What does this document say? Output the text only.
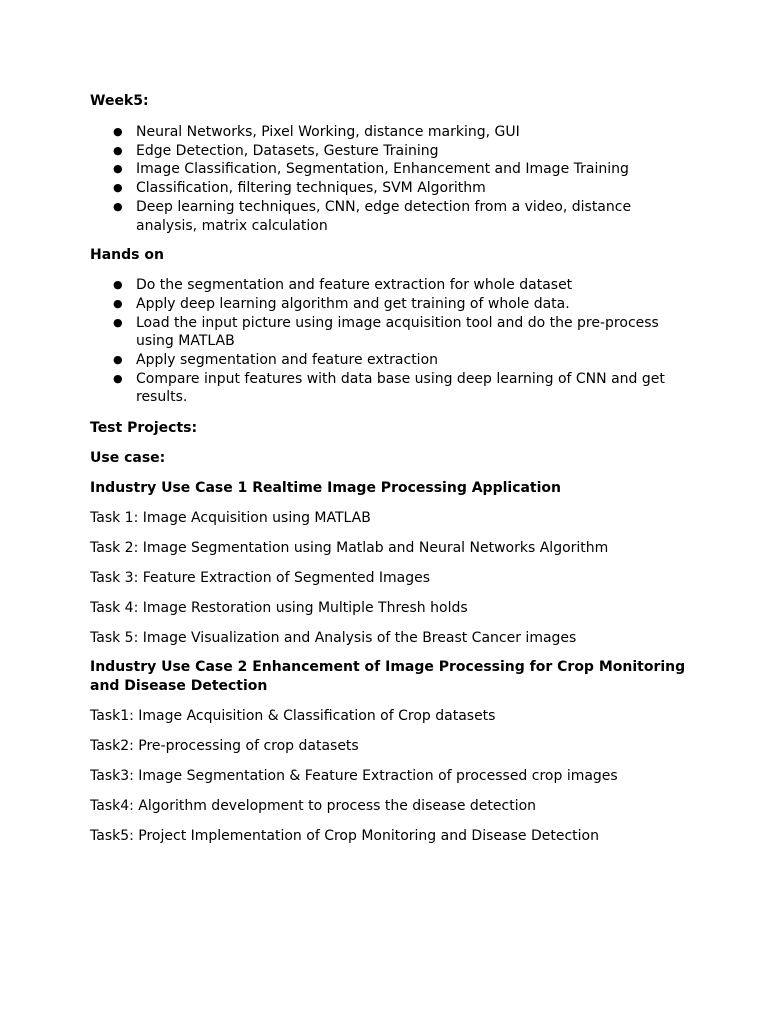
Week5:

● Neural Networks, Pixel Working, distance marking, GUI
● Edge Detection, Datasets, Gesture Training
● Image Classification, Segmentation, Enhancement and Image Training
● Classification, filtering techniques, SVM Algorithm
● Deep learning techniques, CNN, edge detection from a video, distance analysis, matrix calculation

Hands on

● Do the segmentation and feature extraction for whole dataset
● Apply deep learning algorithm and get training of whole data.
● Load the input picture using image acquisition tool and do the pre-process using MATLAB
● Apply segmentation and feature extraction
● Compare input features with data base using deep learning of CNN and get results.

Test Projects:

Use case:

Industry Use Case 1 Realtime Image Processing Application

Task 1: Image Acquisition using MATLAB

Task 2: Image Segmentation using Matlab and Neural Networks Algorithm

Task 3: Feature Extraction of Segmented Images

Task 4: Image Restoration using Multiple Thresh holds

Task 5: Image Visualization and Analysis of the Breast Cancer images

Industry Use Case 2 Enhancement of Image Processing for Crop Monitoring and Disease Detection

Task1: Image Acquisition & Classification of Crop datasets

Task2: Pre-processing of crop datasets

Task3: Image Segmentation & Feature Extraction of processed crop images

Task4: Algorithm development to process the disease detection

Task5: Project Implementation of Crop Monitoring and Disease Detection
